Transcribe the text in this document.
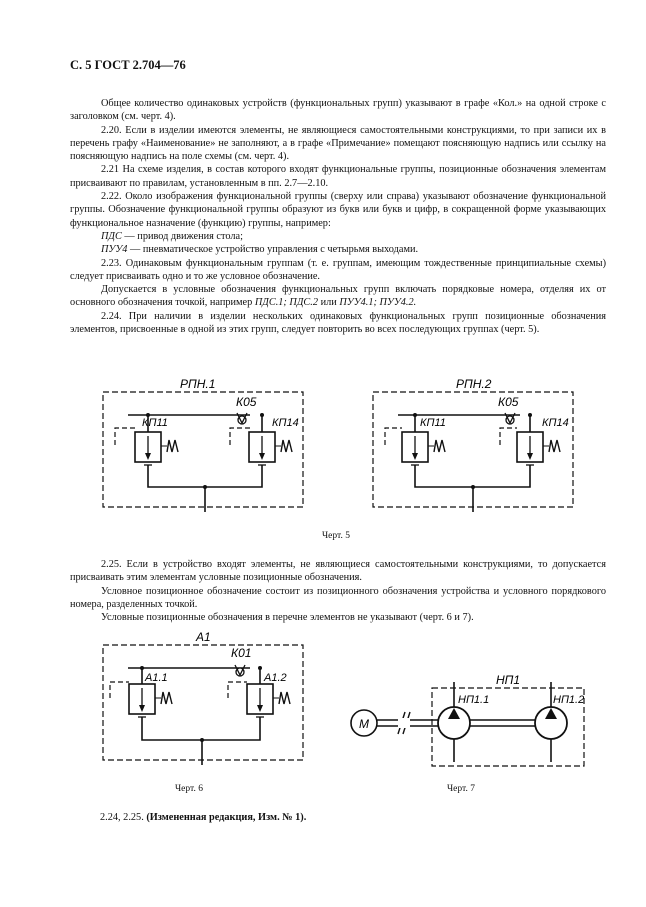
С. 5 ГОСТ 2.704—76

Общее количество одинаковых устройств (функциональных групп) указывают в графе «Кол.» на одной строке с заголовком (см. черт. 4).

2.20. Если в изделии имеются элементы, не являющиеся самостоятельными конструкциями, то при записи их в перечень графу «Наименование» не заполняют, а в графе «Примечание» помещают поясняющую надпись или ссылку на поясняющую надпись на поле схемы (см. черт. 4).

2.21 На схеме изделия, в состав которого входят функциональные группы, позиционные обозначения элементам присваивают по правилам, установленным в пп. 2.7—2.10.

2.22. Около изображения функциональной группы (сверху или справа) указывают обозначение функциональной группы. Обозначение функциональной группы образуют из букв или букв и цифр, в сокращенной форме указывающих функциональное назначение (функцию) группы, например:

ПДС — привод движения стола;

ПУУ4 — пневматическое устройство управления с четырьмя выходами.

2.23. Одинаковым функциональным группам (т. е. группам, имеющим тождественные принципиальные схемы) следует присваивать одно и то же условное обозначение.

Допускается в условные обозначения функциональных групп включать порядковые номера, отделяя их от основного обозначения точкой, например ПДС.1; ПДС.2 или ПУУ4.1; ПУУ4.2.

2.24. При наличии в изделии нескольких одинаковых функциональных групп позиционные обозначения элементов, присвоенные в одной из этих групп, следует повторить во всех последующих группах (черт. 5).

Черт. 5

2.25. Если в устройство входят элементы, не являющиеся самостоятельными конструкциями, то допускается присваивать этим элементам условные позиционные обозначения.

Условное позиционное обозначение состоит из позиционного обозначения устройства и условного порядкового номера, разделенных точкой.

Условные позиционные обозначения в перечне элементов не указывают (черт. 6 и 7).

Черт. 6	Черт. 7
2.24, 2.25. (Измененная редакция, Изм. № 1).
РПН.1
К05
КП11	КП14
РПН.2
К05
КП11	КП14
А1
К01
А1.1	А1.2	НП1
НП1.1	НП1.2
М
